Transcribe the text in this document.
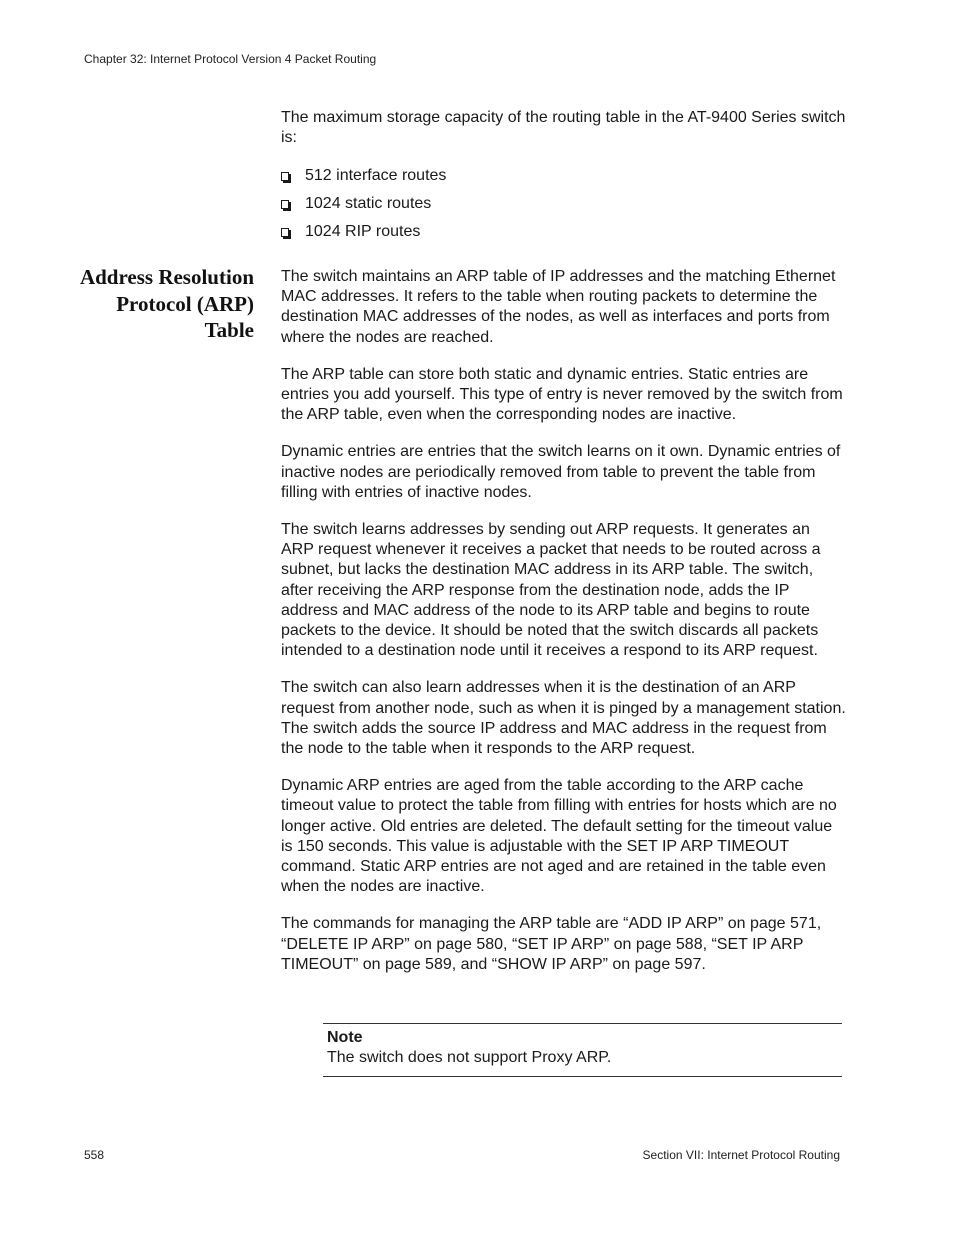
Chapter 32: Internet Protocol Version 4 Packet Routing

The maximum storage capacity of the routing table in the AT-9400 Series switch is:

512 interface routes
1024 static routes
1024 RIP routes
Address Resolution Protocol (ARP) Table

The switch maintains an ARP table of IP addresses and the matching Ethernet MAC addresses. It refers to the table when routing packets to determine the destination MAC addresses of the nodes, as well as interfaces and ports from where the nodes are reached.

The ARP table can store both static and dynamic entries. Static entries are entries you add yourself. This type of entry is never removed by the switch from the ARP table, even when the corresponding nodes are inactive.

Dynamic entries are entries that the switch learns on it own. Dynamic entries of inactive nodes are periodically removed from table to prevent the table from filling with entries of inactive nodes.

The switch learns addresses by sending out ARP requests. It generates an ARP request whenever it receives a packet that needs to be routed across a subnet, but lacks the destination MAC address in its ARP table. The switch, after receiving the ARP response from the destination node, adds the IP address and MAC address of the node to its ARP table and begins to route packets to the device. It should be noted that the switch discards all packets intended to a destination node until it receives a respond to its ARP request.

The switch can also learn addresses when it is the destination of an ARP request from another node, such as when it is pinged by a management station. The switch adds the source IP address and MAC address in the request from the node to the table when it responds to the ARP request.

Dynamic ARP entries are aged from the table according to the ARP cache timeout value to protect the table from filling with entries for hosts which are no longer active. Old entries are deleted. The default setting for the timeout value is 150 seconds. This value is adjustable with the SET IP ARP TIMEOUT command. Static ARP entries are not aged and are retained in the table even when the nodes are inactive.

The commands for managing the ARP table are “ADD IP ARP” on page 571, “DELETE IP ARP” on page 580, “SET IP ARP” on page 588, “SET IP ARP TIMEOUT” on page 589, and “SHOW IP ARP” on page 597.

Note
The switch does not support Proxy ARP.
558	Section VII: Internet Protocol Routing
